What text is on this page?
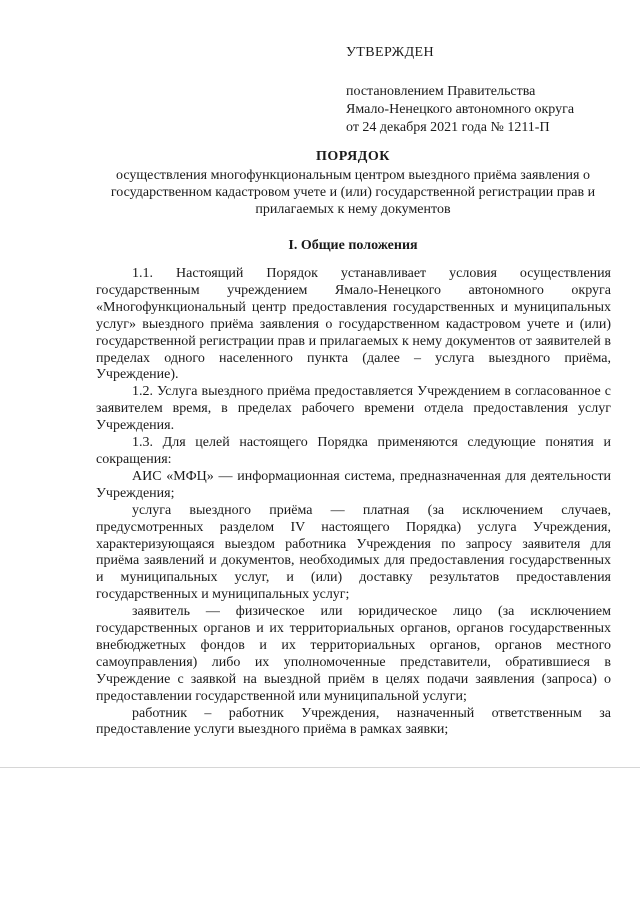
УТВЕРЖДЕН

постановлением Правительства

Ямало-Ненецкого автономного округа

от 24 декабря 2021 года № 1211-П

ПОРЯДОК
осуществления многофункциональным центром выездного приёма заявления о государственном кадастровом учете и (или) государственной регистрации прав и прилагаемых к нему документов
I. Общие положения

1.1. Настоящий Порядок устанавливает условия осуществления государственным учреждением Ямало-Ненецкого автономного округа «Многофункциональный центр предоставления государственных и муниципальных услуг» выездного приёма заявления о государственном кадастровом учете и (или) государственной регистрации прав и прилагаемых к нему документов от заявителей в пределах одного населенного пункта (далее – услуга выездного приёма, Учреждение).

1.2. Услуга выездного приёма предоставляется Учреждением в согласованное с заявителем время, в пределах рабочего времени отдела предоставления услуг Учреждения.

1.3. Для целей настоящего Порядка применяются следующие понятия и сокращения:

АИС «МФЦ» — информационная система, предназначенная для деятельности Учреждения;

услуга выездного приёма — платная (за исключением случаев, предусмотренных разделом IV настоящего Порядка) услуга Учреждения, характеризующаяся выездом работника Учреждения по запросу заявителя для приёма заявлений и документов, необходимых для предоставления государственных и муниципальных услуг, и (или) доставку результатов предоставления государственных и муниципальных услуг;

заявитель — физическое или юридическое лицо (за исключением государственных органов и их территориальных органов, органов государственных внебюджетных фондов и их территориальных органов, органов местного самоуправления) либо их уполномоченные представители, обратившиеся в Учреждение с заявкой на выездной приём в целях подачи заявления (запроса) о предоставлении государственной или муниципальной услуги;

работник – работник Учреждения, назначенный ответственным за предоставление услуги выездного приёма в рамках заявки;
